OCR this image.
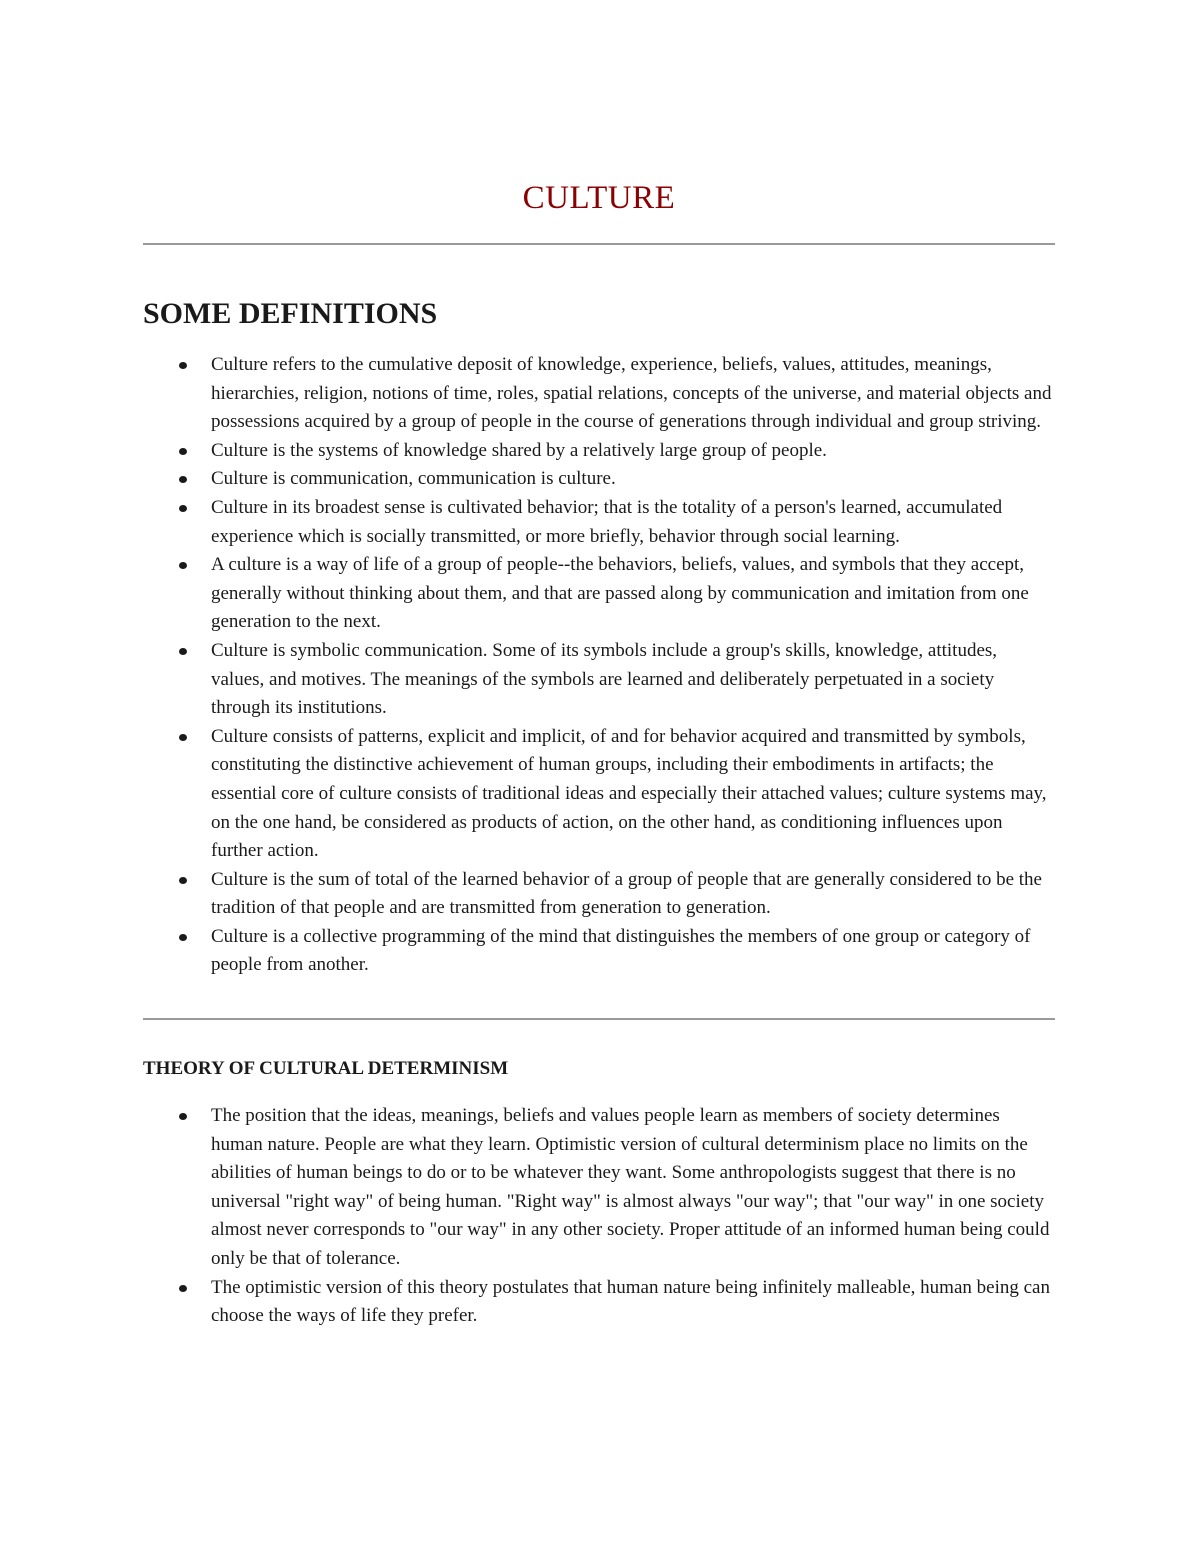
CULTURE
SOME DEFINITIONS
Culture refers to the cumulative deposit of knowledge, experience, beliefs, values, attitudes, meanings, hierarchies, religion, notions of time, roles, spatial relations, concepts of the universe, and material objects and possessions acquired by a group of people in the course of generations through individual and group striving.
Culture is the systems of knowledge shared by a relatively large group of people.
Culture is communication, communication is culture.
Culture in its broadest sense is cultivated behavior; that is the totality of a person's learned, accumulated experience which is socially transmitted, or more briefly, behavior through social learning.
A culture is a way of life of a group of people--the behaviors, beliefs, values, and symbols that they accept, generally without thinking about them, and that are passed along by communication and imitation from one generation to the next.
Culture is symbolic communication. Some of its symbols include a group's skills, knowledge, attitudes, values, and motives. The meanings of the symbols are learned and deliberately perpetuated in a society through its institutions.
Culture consists of patterns, explicit and implicit, of and for behavior acquired and transmitted by symbols, constituting the distinctive achievement of human groups, including their embodiments in artifacts; the essential core of culture consists of traditional ideas and especially their attached values; culture systems may, on the one hand, be considered as products of action, on the other hand, as conditioning influences upon further action.
Culture is the sum of total of the learned behavior of a group of people that are generally considered to be the tradition of that people and are transmitted from generation to generation.
Culture is a collective programming of the mind that distinguishes the members of one group or category of people from another.
THEORY OF CULTURAL DETERMINISM
The position that the ideas, meanings, beliefs and values people learn as members of society determines human nature. People are what they learn. Optimistic version of cultural determinism place no limits on the abilities of human beings to do or to be whatever they want. Some anthropologists suggest that there is no universal "right way" of being human. "Right way" is almost always "our way"; that "our way" in one society almost never corresponds to "our way" in any other society. Proper attitude of an informed human being could only be that of tolerance.
The optimistic version of this theory postulates that human nature being infinitely malleable, human being can choose the ways of life they prefer.
